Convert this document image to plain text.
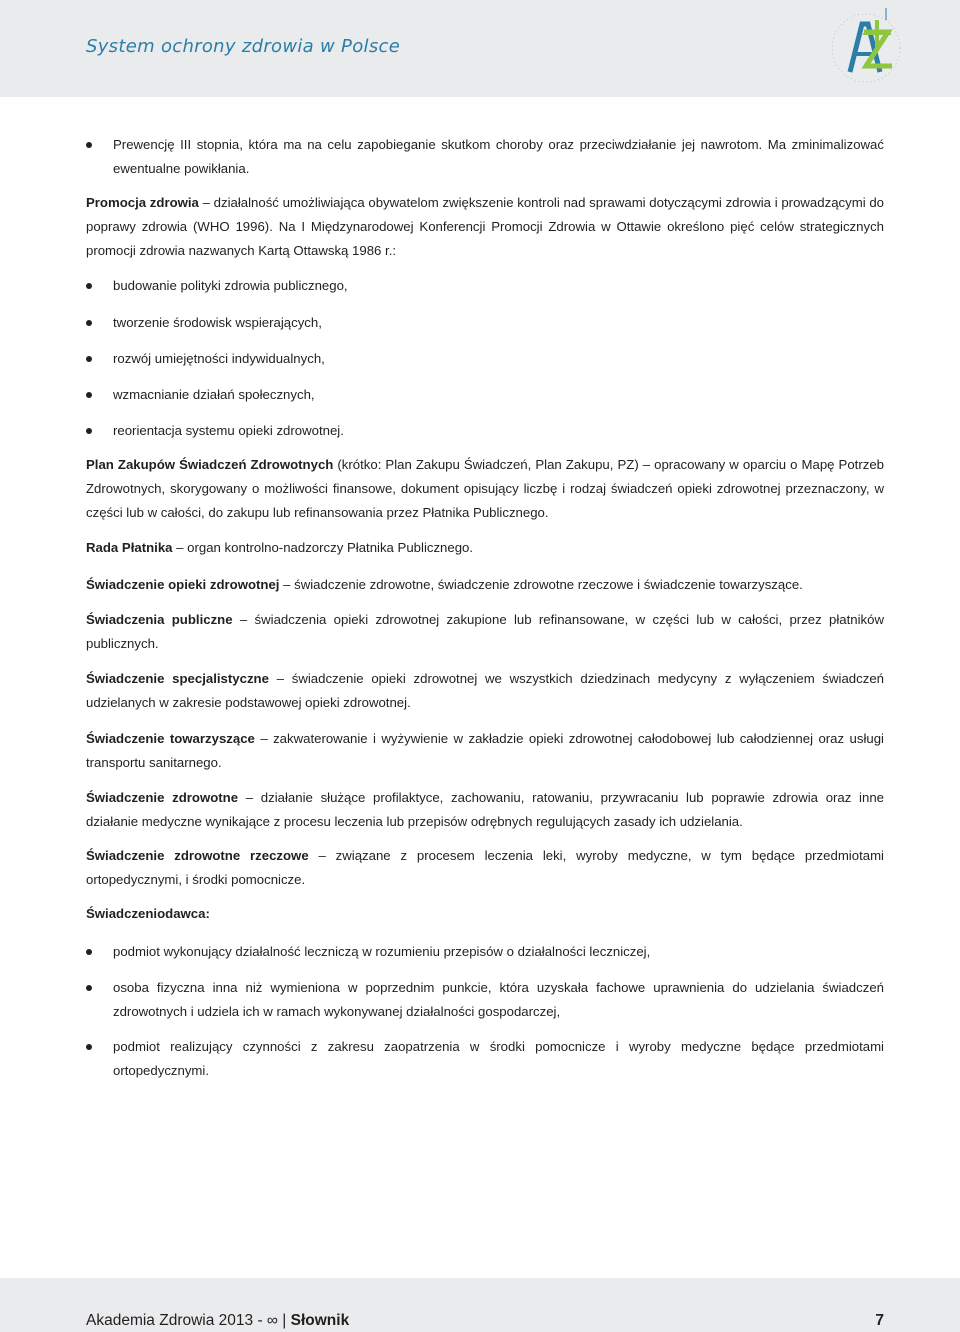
System ochrony zdrowia w Polsce
Prewencję III stopnia, która ma na celu zapobieganie skutkom choroby oraz przeciwdziałanie jej nawrotom. Ma zminimalizować ewentualne powikłania.
Promocja zdrowia – działalność umożliwiająca obywatelom zwiększenie kontroli nad sprawami dotyczącymi zdrowia i prowadzącymi do poprawy zdrowia (WHO 1996). Na I Międzynarodowej Konferencji Promocji Zdrowia w Ottawie określono pięć celów strategicznych promocji zdrowia nazwanych Kartą Ottawską 1986 r.:
budowanie polityki zdrowia publicznego,
tworzenie środowisk wspierających,
rozwój umiejętności indywidualnych,
wzmacnianie działań społecznych,
reorientacja systemu opieki zdrowotnej.
Plan Zakupów Świadczeń Zdrowotnych (krótko: Plan Zakupu Świadczeń, Plan Zakupu, PZ) – opracowany w oparciu o Mapę Potrzeb Zdrowotnych, skorygowany o możliwości finansowe, dokument opisujący liczbę i rodzaj świadczeń opieki zdrowotnej przeznaczony, w części lub w całości, do zakupu lub refinansowania przez Płatnika Publicznego.
Rada Płatnika – organ kontrolno-nadzorczy Płatnika Publicznego.
Świadczenie opieki zdrowotnej – świadczenie zdrowotne, świadczenie zdrowotne rzeczowe i świadczenie towarzyszące.
Świadczenia publiczne – świadczenia opieki zdrowotnej zakupione lub refinansowane, w części lub w całości, przez płatników publicznych.
Świadczenie specjalistyczne – świadczenie opieki zdrowotnej we wszystkich dziedzinach medycyny z wyłączeniem świadczeń udzielanych w zakresie podstawowej opieki zdrowotnej.
Świadczenie towarzyszące – zakwaterowanie i wyżywienie w zakładzie opieki zdrowotnej całodobowej lub całodziennej oraz usługi transportu sanitarnego.
Świadczenie zdrowotne – działanie służące profilaktyce, zachowaniu, ratowaniu, przywracaniu lub poprawie zdrowia oraz inne działanie medyczne wynikające z procesu leczenia lub przepisów odrębnych regulujących zasady ich udzielania.
Świadczenie zdrowotne rzeczowe – związane z procesem leczenia leki, wyroby medyczne, w tym będące przedmiotami ortopedycznymi, i środki pomocnicze.
Świadczeniodawca:
podmiot wykonujący działalność leczniczą w rozumieniu przepisów o działalności leczniczej,
osoba fizyczna inna niż wymieniona w poprzednim punkcie, która uzyskała fachowe uprawnienia do udzielania świadczeń zdrowotnych i udziela ich w ramach wykonywanej działalności gospodarczej,
podmiot realizujący czynności z zakresu zaopatrzenia w środki pomocnicze i wyroby medyczne będące przedmiotami ortopedycznymi.
Akademia Zdrowia 2013 - ∞ | Słownik	7
